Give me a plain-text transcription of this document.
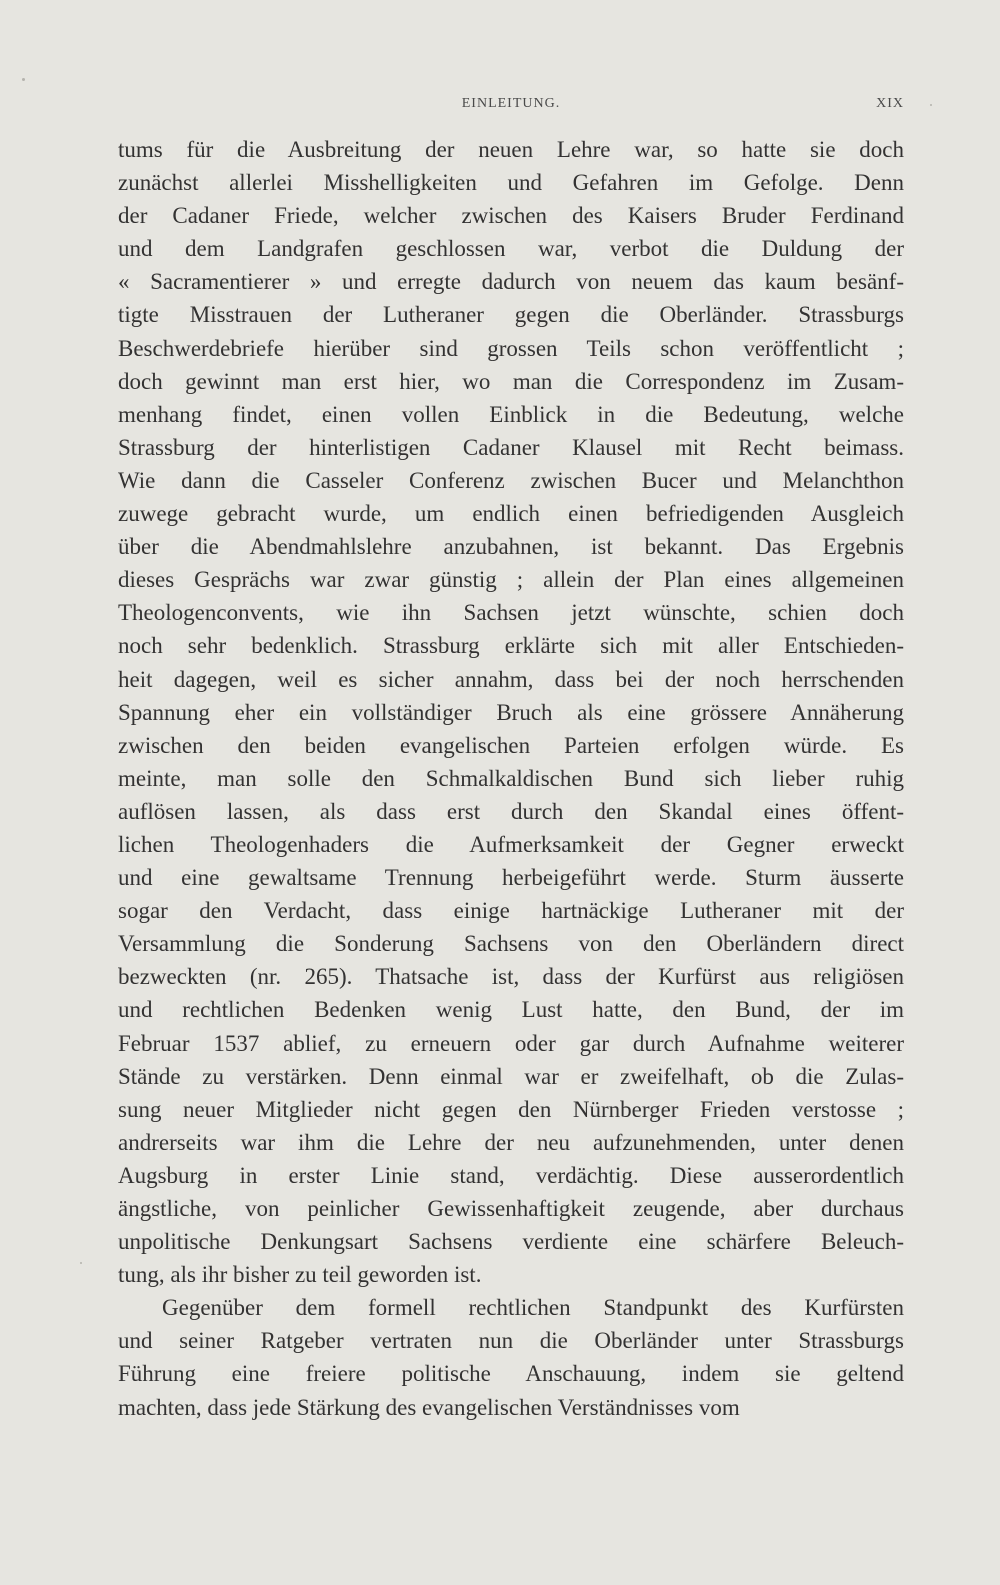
EINLEITUNG.	XIX
tums für die Ausbreitung der neuen Lehre war, so hatte sie doch
zunächst allerlei Misshelligkeiten und Gefahren im Gefolge. Denn
der Cadaner Friede, welcher zwischen des Kaisers Bruder Ferdinand
und dem Landgrafen geschlossen war, verbot die Duldung der
« Sacramentierer » und erregte dadurch von neuem das kaum besänf-
tigte Misstrauen der Lutheraner gegen die Oberländer. Strassburgs
Beschwerdebriefe hierüber sind grossen Teils schon veröffentlicht ;
doch gewinnt man erst hier, wo man die Correspondenz im Zusam-
menhang findet, einen vollen Einblick in die Bedeutung, welche
Strassburg der hinterlistigen Cadaner Klausel mit Recht beimass.
Wie dann die Casseler Conferenz zwischen Bucer und Melanchthon
zuwege gebracht wurde, um endlich einen befriedigenden Ausgleich
über die Abendmahlslehre anzubahnen, ist bekannt. Das Ergebnis
dieses Gesprächs war zwar günstig ; allein der Plan eines allgemeinen
Theologenconvents, wie ihn Sachsen jetzt wünschte, schien doch
noch sehr bedenklich. Strassburg erklärte sich mit aller Entschieden-
heit dagegen, weil es sicher annahm, dass bei der noch herrschenden
Spannung eher ein vollständiger Bruch als eine grössere Annäherung
zwischen den beiden evangelischen Parteien erfolgen würde. Es
meinte, man solle den Schmalkaldischen Bund sich lieber ruhig
auflösen lassen, als dass erst durch den Skandal eines öffent-
lichen Theologenhaders die Aufmerksamkeit der Gegner erweckt
und eine gewaltsame Trennung herbeigeführt werde. Sturm äusserte
sogar den Verdacht, dass einige hartnäckige Lutheraner mit der
Versammlung die Sonderung Sachsens von den Oberländern direct
bezweckten (nr. 265). Thatsache ist, dass der Kurfürst aus religiösen
und rechtlichen Bedenken wenig Lust hatte, den Bund, der im
Februar 1537 ablief, zu erneuern oder gar durch Aufnahme weiterer
Stände zu verstärken. Denn einmal war er zweifelhaft, ob die Zulas-
sung neuer Mitglieder nicht gegen den Nürnberger Frieden verstosse ;
andrerseits war ihm die Lehre der neu aufzunehmenden, unter denen
Augsburg in erster Linie stand, verdächtig. Diese ausserordentlich
ängstliche, von peinlicher Gewissenhaftigkeit zeugende, aber durchaus
unpolitische Denkungsart Sachsens verdiente eine schärfere Beleuch-
tung, als ihr bisher zu teil geworden ist.
Gegenüber dem formell rechtlichen Standpunkt des Kurfürsten
und seiner Ratgeber vertraten nun die Oberländer unter Strassburgs
Führung eine freiere politische Anschauung, indem sie geltend
machten, dass jede Stärkung des evangelischen Verständnisses vom
